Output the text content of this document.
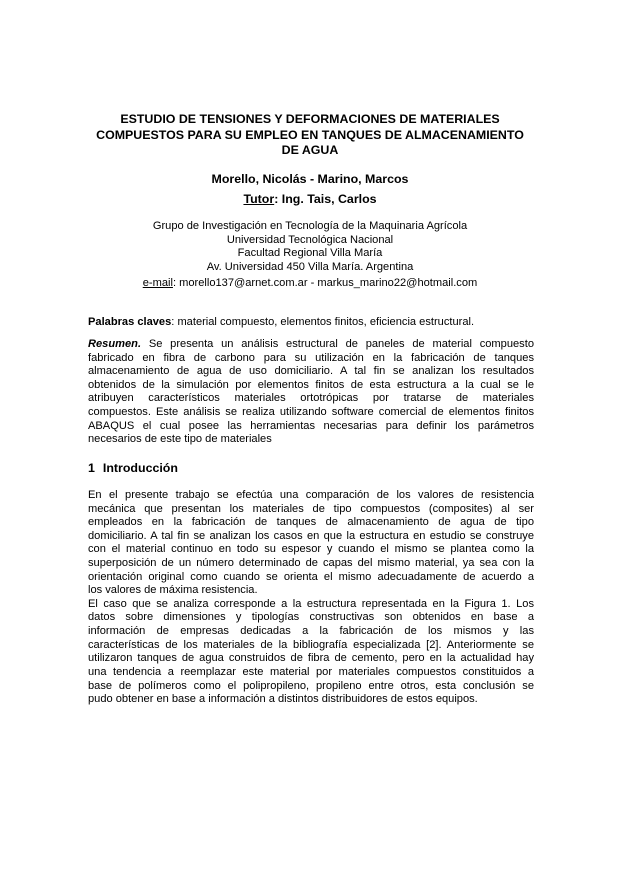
ESTUDIO DE TENSIONES Y DEFORMACIONES DE MATERIALES
COMPUESTOS PARA SU EMPLEO EN TANQUES DE ALMACENAMIENTO
DE AGUA
Morello, Nicolás - Marino, Marcos
Tutor: Ing. Tais, Carlos
Grupo de Investigación en Tecnología de la Maquinaria Agrícola
Universidad Tecnológica Nacional
Facultad Regional Villa María
Av. Universidad 450 Villa María. Argentina
e-mail: morello137@arnet.com.ar - markus_marino22@hotmail.com
Palabras claves: material compuesto, elementos finitos, eficiencia estructural.
Resumen. Se presenta un análisis estructural de paneles de material compuesto
fabricado en fibra de carbono para su utilización en la fabricación de tanques
almacenamiento de agua de uso domiciliario. A tal fin se analizan los resultados
obtenidos de la simulación por elementos finitos de esta estructura a la cual se le
atribuyen característicos materiales ortotrópicas por tratarse de materiales
compuestos. Este análisis se realiza utilizando software comercial de elementos finitos
ABAQUS el cual posee las herramientas necesarias para definir los parámetros
necesarios de este tipo de materiales
1 Introducción
En el presente trabajo se efectúa una comparación de los valores de resistencia
mecánica que presentan los materiales de tipo compuestos (composites) al ser
empleados en la fabricación de tanques de almacenamiento de agua de tipo
domiciliario. A tal fin se analizan los casos en que la estructura en estudio se construye
con el material continuo en todo su espesor y cuando el mismo se plantea como la
superposición de un número determinado de capas del mismo material, ya sea con la
orientación original como cuando se orienta el mismo adecuadamente de acuerdo a
los valores de máxima resistencia.
El caso que se analiza corresponde a la estructura representada en la Figura 1. Los
datos sobre dimensiones y tipologías constructivas son obtenidos en base a
información de empresas dedicadas a la fabricación de los mismos y las
características de los materiales de la bibliografía especializada [2]. Anteriormente se
utilizaron tanques de agua construidos de fibra de cemento, pero en la actualidad hay
una tendencia a reemplazar este material por materiales compuestos constituidos a
base de polímeros como el polipropileno, propileno entre otros, esta conclusión se
pudo obtener en base a información a distintos distribuidores de estos equipos.
